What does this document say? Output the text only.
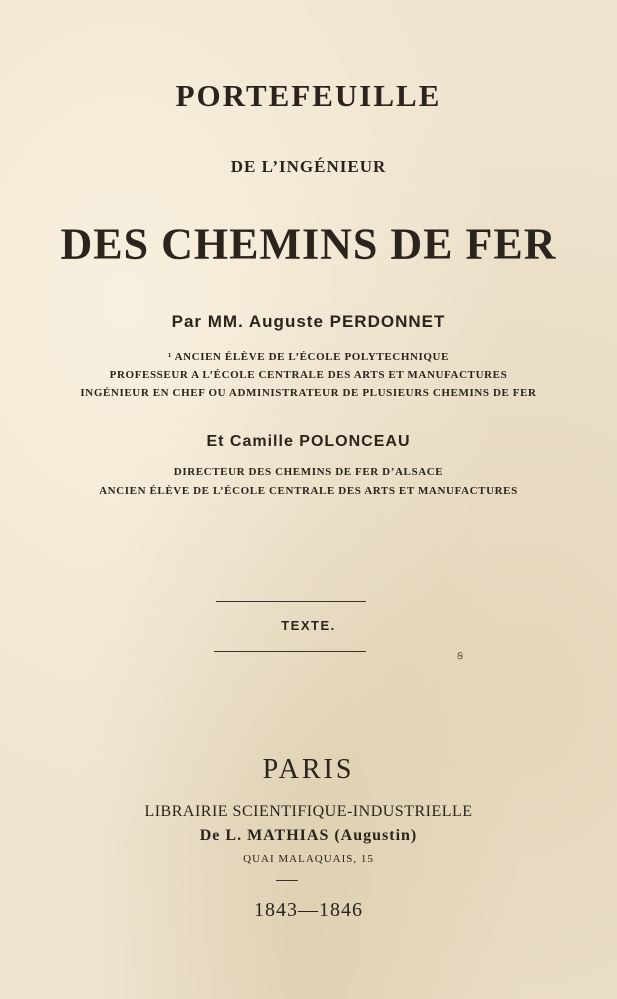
PORTEFEUILLE
DE L’INGÉNIEUR
DES CHEMINS DE FER
Par MM. Auguste PERDONNET
¹ ANCIEN ÉLÈVE DE L’ÉCOLE POLYTECHNIQUE
PROFESSEUR A L’ÉCOLE CENTRALE DES ARTS ET MANUFACTURES
INGÉNIEUR EN CHEF OU ADMINISTRATEUR DE PLUSIEURS CHEMINS DE FER
Et Camille POLONCEAU
DIRECTEUR DES CHEMINS DE FER D’ALSACE
ANCIEN ÉLÈVE DE L’ÉCOLE CENTRALE DES ARTS ET MANUFACTURES
TEXTE.
ꞩ
PARIS
LIBRAIRIE SCIENTIFIQUE-INDUSTRIELLE
De L. MATHIAS (Augustin)
QUAI MALAQUAIS, 15
1843—1846
